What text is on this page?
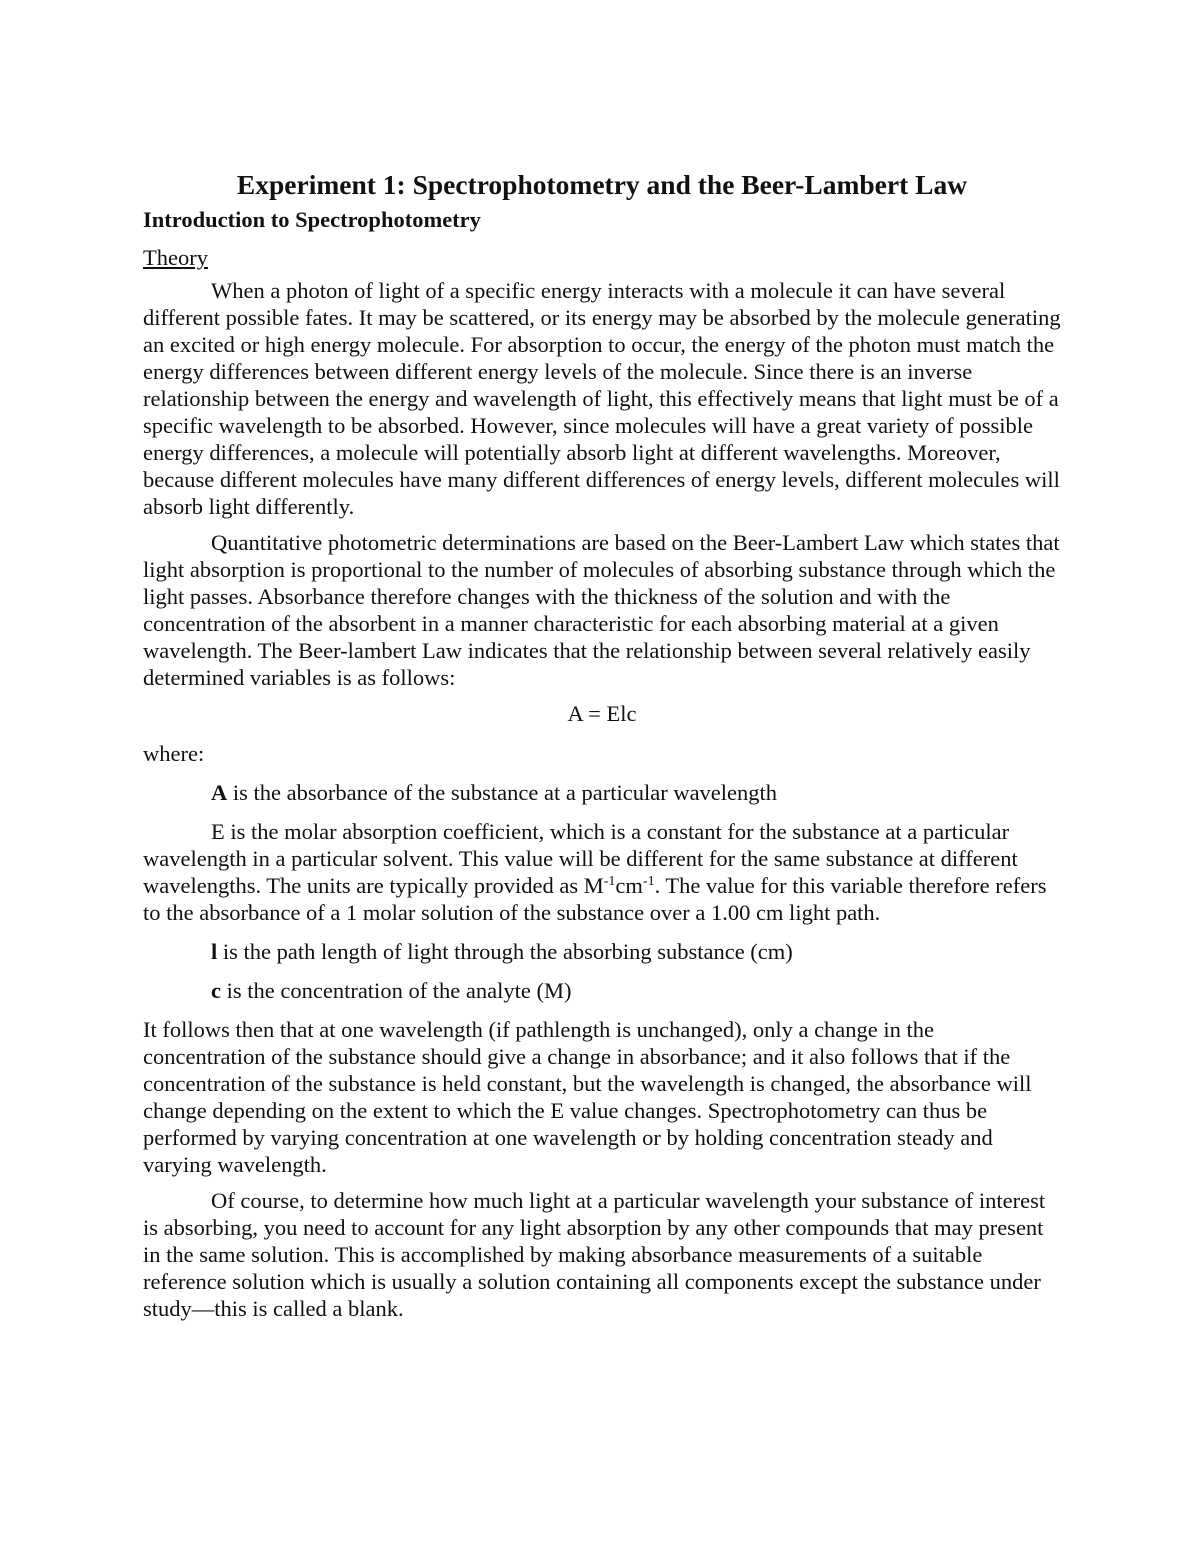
Experiment 1: Spectrophotometry and the Beer-Lambert Law
Introduction to Spectrophotometry
Theory

When a photon of light of a specific energy interacts with a molecule it can have several different possible fates. It may be scattered, or its energy may be absorbed by the molecule generating an excited or high energy molecule. For absorption to occur, the energy of the photon must match the energy differences between different energy levels of the molecule. Since there is an inverse relationship between the energy and wavelength of light, this effectively means that light must be of a specific wavelength to be absorbed. However, since molecules will have a great variety of possible energy differences, a molecule will potentially absorb light at different wavelengths. Moreover, because different molecules have many different differences of energy levels, different molecules will absorb light differently.

Quantitative photometric determinations are based on the Beer-Lambert Law which states that light absorption is proportional to the number of molecules of absorbing substance through which the light passes. Absorbance therefore changes with the thickness of the solution and with the concentration of the absorbent in a manner characteristic for each absorbing material at a given wavelength. The Beer-lambert Law indicates that the relationship between several relatively easily determined variables is as follows:

A = Elc

where:

A is the absorbance of the substance at a particular wavelength

E is the molar absorption coefficient, which is a constant for the substance at a particular wavelength in a particular solvent. This value will be different for the same substance at different wavelengths. The units are typically provided as $M^{-1}cm^{-1}$. The value for this variable therefore refers to the absorbance of a 1 molar solution of the substance over a 1.00 cm light path.

l is the path length of light through the absorbing substance (cm)

c is the concentration of the analyte (M)

It follows then that at one wavelength (if pathlength is unchanged), only a change in the concentration of the substance should give a change in absorbance; and it also follows that if the concentration of the substance is held constant, but the wavelength is changed, the absorbance will change depending on the extent to which the E value changes. Spectrophotometry can thus be performed by varying concentration at one wavelength or by holding concentration steady and varying wavelength.

Of course, to determine how much light at a particular wavelength your substance of interest is absorbing, you need to account for any light absorption by any other compounds that may present in the same solution. This is accomplished by making absorbance measurements of a suitable reference solution which is usually a solution containing all components except the substance under study—this is called a blank.
